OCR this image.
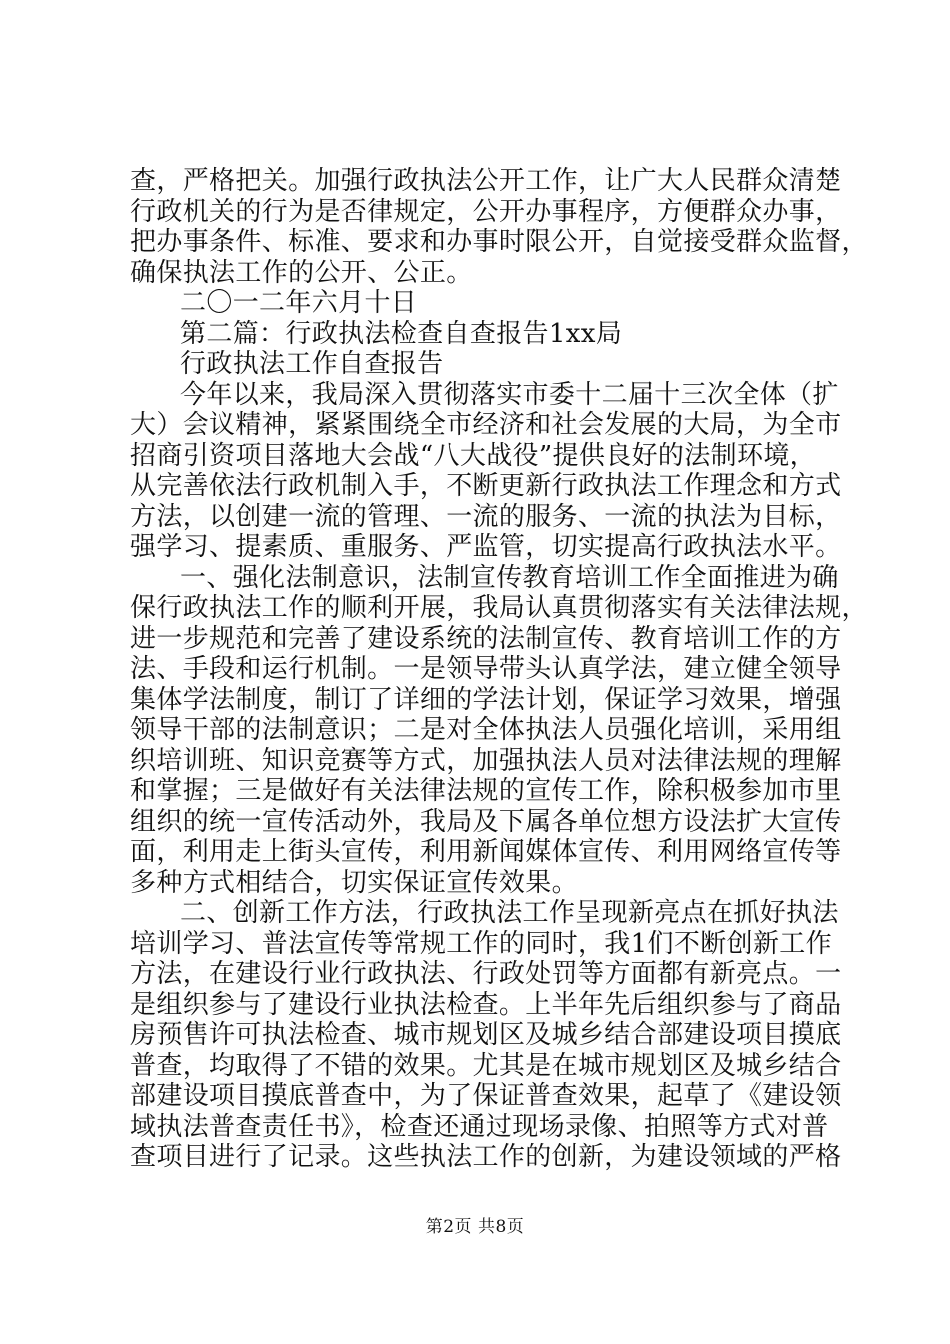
查，严格把关。加强行政执法公开工作，让广大人民群众清楚
行政机关的行为是否律规定，公开办事程序，方便群众办事，
把办事条件、标准、要求和办事时限公开，自觉接受群众监督，
确保执法工作的公开、公正。
二〇一二年六月十日
第二篇：行政执法检查自查报告1xx局
行政执法工作自查报告
今年以来，我局深入贯彻落实市委十二届十三次全体（扩
大）会议精神，紧紧围绕全市经济和社会发展的大局，为全市
招商引资项目落地大会战“八大战役”提供良好的法制环境，
从完善依法行政机制入手，不断更新行政执法工作理念和方式
方法，以创建一流的管理、一流的服务、一流的执法为目标，
强学习、提素质、重服务、严监管，切实提高行政执法水平。
一、强化法制意识，法制宣传教育培训工作全面推进为确
保行政执法工作的顺利开展，我局认真贯彻落实有关法律法规，
进一步规范和完善了建设系统的法制宣传、教育培训工作的方
法、手段和运行机制。一是领导带头认真学法，建立健全领导
集体学法制度，制订了详细的学法计划，保证学习效果，增强
领导干部的法制意识；二是对全体执法人员强化培训，采用组
织培训班、知识竞赛等方式，加强执法人员对法律法规的理解
和掌握；三是做好有关法律法规的宣传工作，除积极参加市里
组织的统一宣传活动外，我局及下属各单位想方设法扩大宣传
面，利用走上街头宣传，利用新闻媒体宣传、利用网络宣传等
多种方式相结合，切实保证宣传效果。
二、创新工作方法，行政执法工作呈现新亮点在抓好执法
培训学习、普法宣传等常规工作的同时，我1们不断创新工作
方法，在建设行业行政执法、行政处罚等方面都有新亮点。一
是组织参与了建设行业执法检查。上半年先后组织参与了商品
房预售许可执法检查、城市规划区及城乡结合部建设项目摸底
普查，均取得了不错的效果。尤其是在城市规划区及城乡结合
部建设项目摸底普查中，为了保证普查效果，起草了《建设领
域执法普查责任书》，检查还通过现场录像、拍照等方式对普
查项目进行了记录。这些执法工作的创新，为建设领域的严格
第2页 共8页
